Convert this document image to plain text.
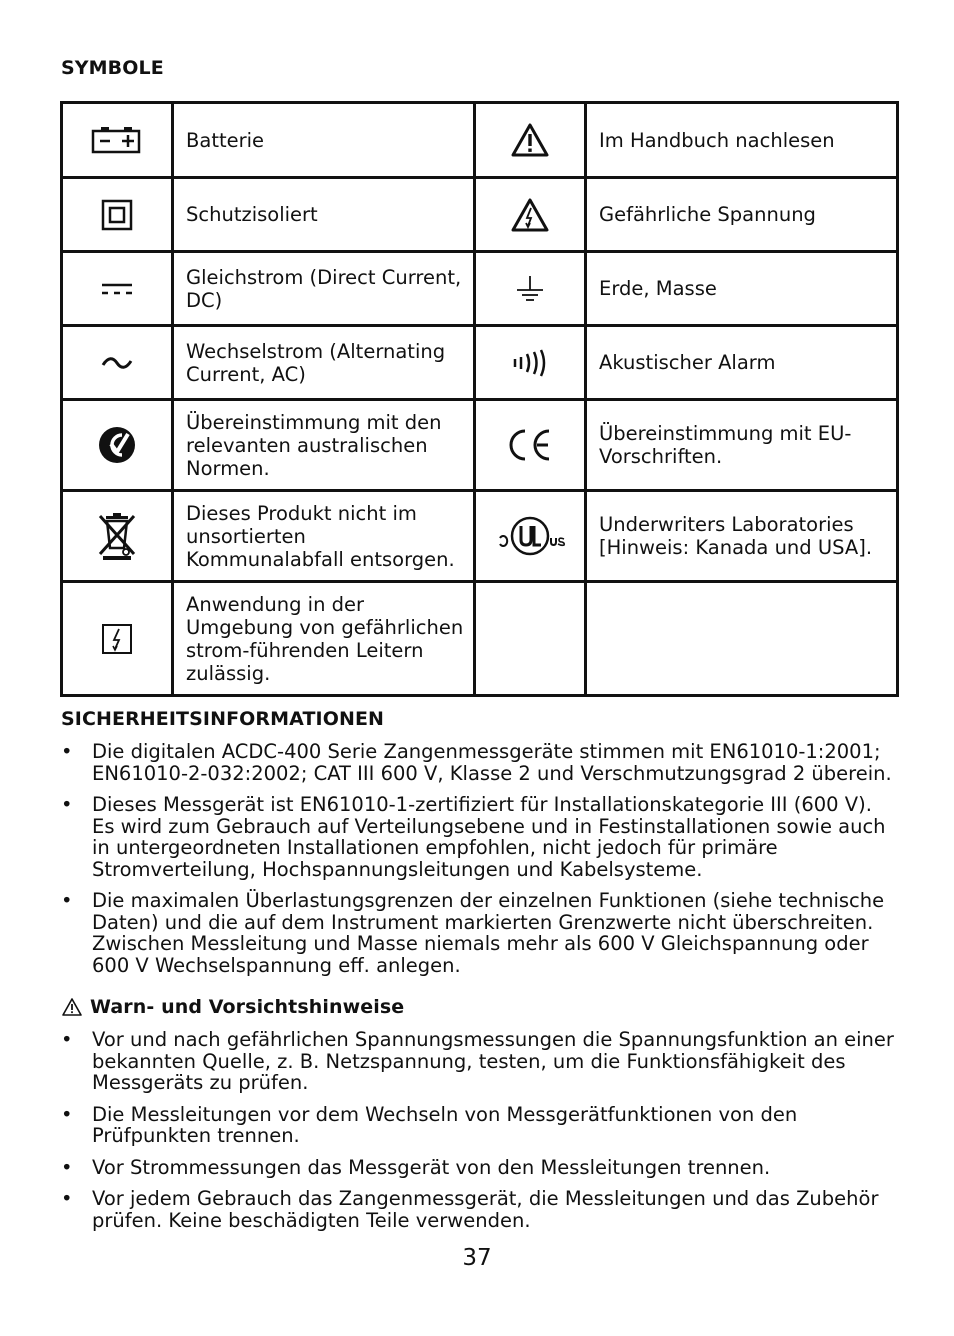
SYMBOLE
	Batterie		Im Handbuch nachlesen

	Schutzisoliert		Gefährliche Spannung

	Gleichstrom (Direct Current, DC)		Erde, Masse

	Wechselstrom (Alternating Current, AC)		Akustischer Alarm

	Übereinstimmung mit den relevanten australischen Normen.		Übereinstimmung mit EU-Vorschriften.

	Dieses Produkt nicht im unsortierten Kommunalabfall entsorgen.		Underwriters Laboratories [Hinweis: Kanada und USA].

	Anwendung in der Umgebung von gefährlichen strom-führenden Leitern zulässig.		
SICHERHEITSINFORMATIONEN
• Die digitalen ACDC-400 Serie Zangenmessgeräte stimmen mit EN61010-1:2001; EN61010-2-032:2002; CAT III 600 V, Klasse 2 und Verschmutzungsgrad 2 überein.
• Dieses Messgerät ist EN61010-1-zertifiziert für Installationskategorie III (600 V). Es wird zum Gebrauch auf Verteilungsebene und in Festinstallationen sowie auch in untergeordneten Installationen empfohlen, nicht jedoch für primäre Stromverteilung, Hochspannungsleitungen und Kabelsysteme.
• Die maximalen Überlastungsgrenzen der einzelnen Funktionen (siehe technische Daten) und die auf dem Instrument markierten Grenzwerte nicht überschreiten. Zwischen Messleitung und Masse niemals mehr als 600 V Gleichspannung oder 600 V Wechselspannung eff. anlegen.
Warn- und Vorsichtshinweise
• Vor und nach gefährlichen Spannungsmessungen die Spannungsfunktion an einer bekannten Quelle, z. B. Netzspannung, testen, um die Funktionsfähigkeit des Messgeräts zu prüfen.
• Die Messleitungen vor dem Wechseln von Messgerätfunktionen von den Prüfpunkten trennen.
• Vor Strommessungen das Messgerät von den Messleitungen trennen.
• Vor jedem Gebrauch das Zangenmessgerät, die Messleitungen und das Zubehör prüfen. Keine beschädigten Teile verwenden.
37
